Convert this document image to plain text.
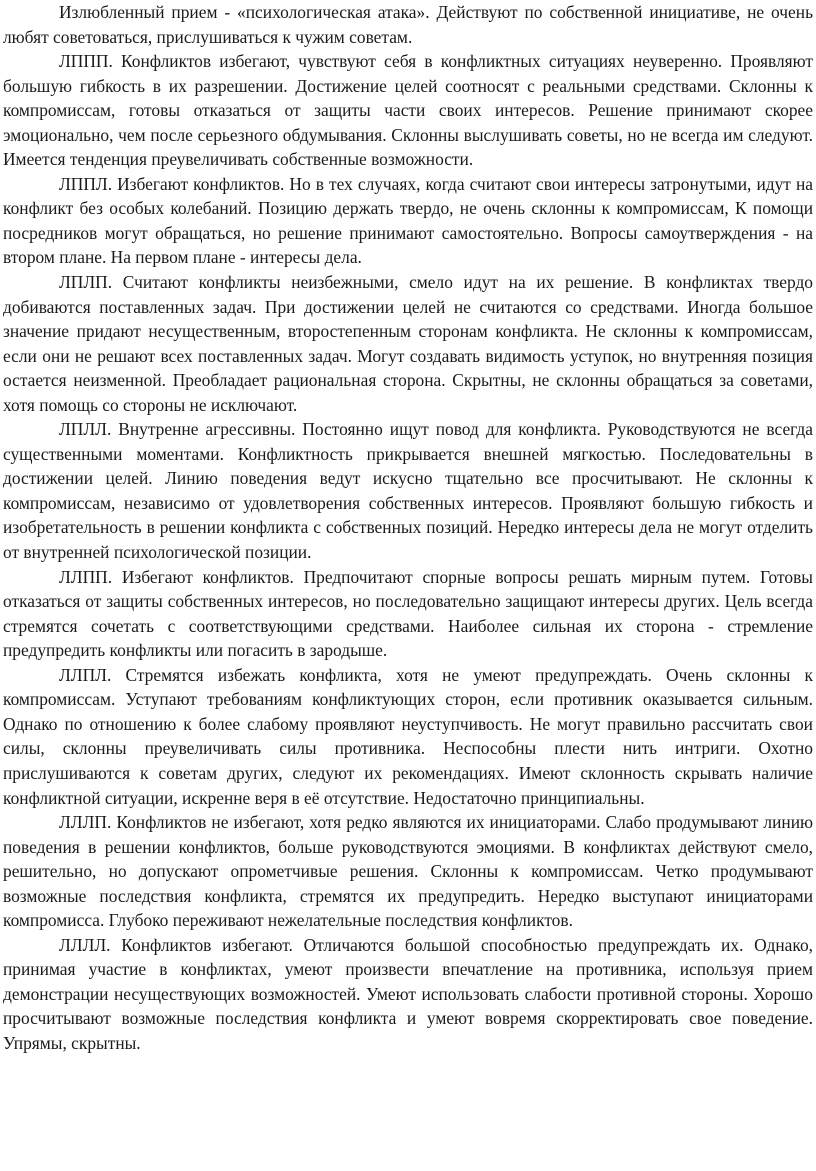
Излюбленный прием - «психологическая атака». Действуют по собственной инициативе, не очень любят советоваться, прислушиваться к чужим советам.

ЛППП. Конфликтов избегают, чувствуют себя в конфликтных ситуациях неуверенно. Проявляют большую гибкость в их разрешении. Достижение целей соотносят с реальными средствами. Склонны к компромиссам, готовы отказаться от защиты части своих интересов. Решение принимают скорее эмоционально, чем после серьезного обдумывания. Склонны выслушивать советы, но не всегда им следуют. Имеется тенденция преувеличивать собственные возможности.

ЛППЛ. Избегают конфликтов. Но в тех случаях, когда считают свои интересы затронутыми, идут на конфликт без особых колебаний. Позицию держать твердо, не очень склонны к компромиссам, К помощи посредников могут обращаться, но решение принимают самостоятельно. Вопросы самоутверждения - на втором плане. На первом плане - интересы дела.

ЛПЛП. Считают конфликты неизбежными, смело идут на их решение. В конфликтах твердо добиваются поставленных задач. При достижении целей не считаются со средствами. Иногда большое значение придают несущественным, второстепенным сторонам конфликта. Не склонны к компромиссам, если они не решают всех поставленных задач. Могут создавать видимость уступок, но внутренняя позиция остается неизменной. Преобладает рациональная сторона. Скрытны, не склонны обращаться за советами, хотя помощь со стороны не исключают.

ЛПЛЛ. Внутренне агрессивны. Постоянно ищут повод для конфликта. Руководствуются не всегда существенными моментами. Конфликтность прикрывается внешней мягкостью. Последовательны в достижении целей. Линию поведения ведут искусно тщательно все просчитывают. Не склонны к компромиссам, независимо от удовлетворения собственных интересов. Проявляют большую гибкость и изобретательность в решении конфликта с собственных позиций. Нередко интересы дела не могут отделить от внутренней психологической позиции.

ЛЛПП. Избегают конфликтов. Предпочитают спорные вопросы решать мирным путем. Готовы отказаться от защиты собственных интересов, но последовательно защищают интересы других. Цель всегда стремятся сочетать с соответствующими средствами. Наиболее сильная их сторона - стремление предупредить конфликты или погасить в зародыше.

ЛЛПЛ. Стремятся избежать конфликта, хотя не умеют предупреждать. Очень склонны к компромиссам. Уступают требованиям конфликтующих сторон, если противник оказывается сильным. Однако по отношению к более слабому проявляют неуступчивость. Не могут правильно рассчитать свои силы, склонны преувеличивать силы противника. Неспособны плести нить интриги. Охотно прислушиваются к советам других, следуют их рекомендациях. Имеют склонность скрывать наличие конфликтной ситуации, искренне веря в её отсутствие. Недостаточно принципиальны.

ЛЛЛП. Конфликтов не избегают, хотя редко являются их инициаторами. Слабо продумывают линию поведения в решении конфликтов, больше руководствуются эмоциями. В конфликтах действуют смело, решительно, но допускают опрометчивые решения. Склонны к компромиссам. Четко продумывают возможные последствия конфликта, стремятся их предупредить. Нередко выступают инициаторами компромисса. Глубоко переживают нежелательные последствия конфликтов.

ЛЛЛЛ. Конфликтов избегают. Отличаются большой способностью предупреждать их. Однако, принимая участие в конфликтах, умеют произвести впечатление на противника, используя прием демонстрации несуществующих возможностей. Умеют использовать слабости противной стороны. Хорошо просчитывают возможные последствия конфликта и умеют вовремя скорректировать свое поведение. Упрямы, скрытны.
